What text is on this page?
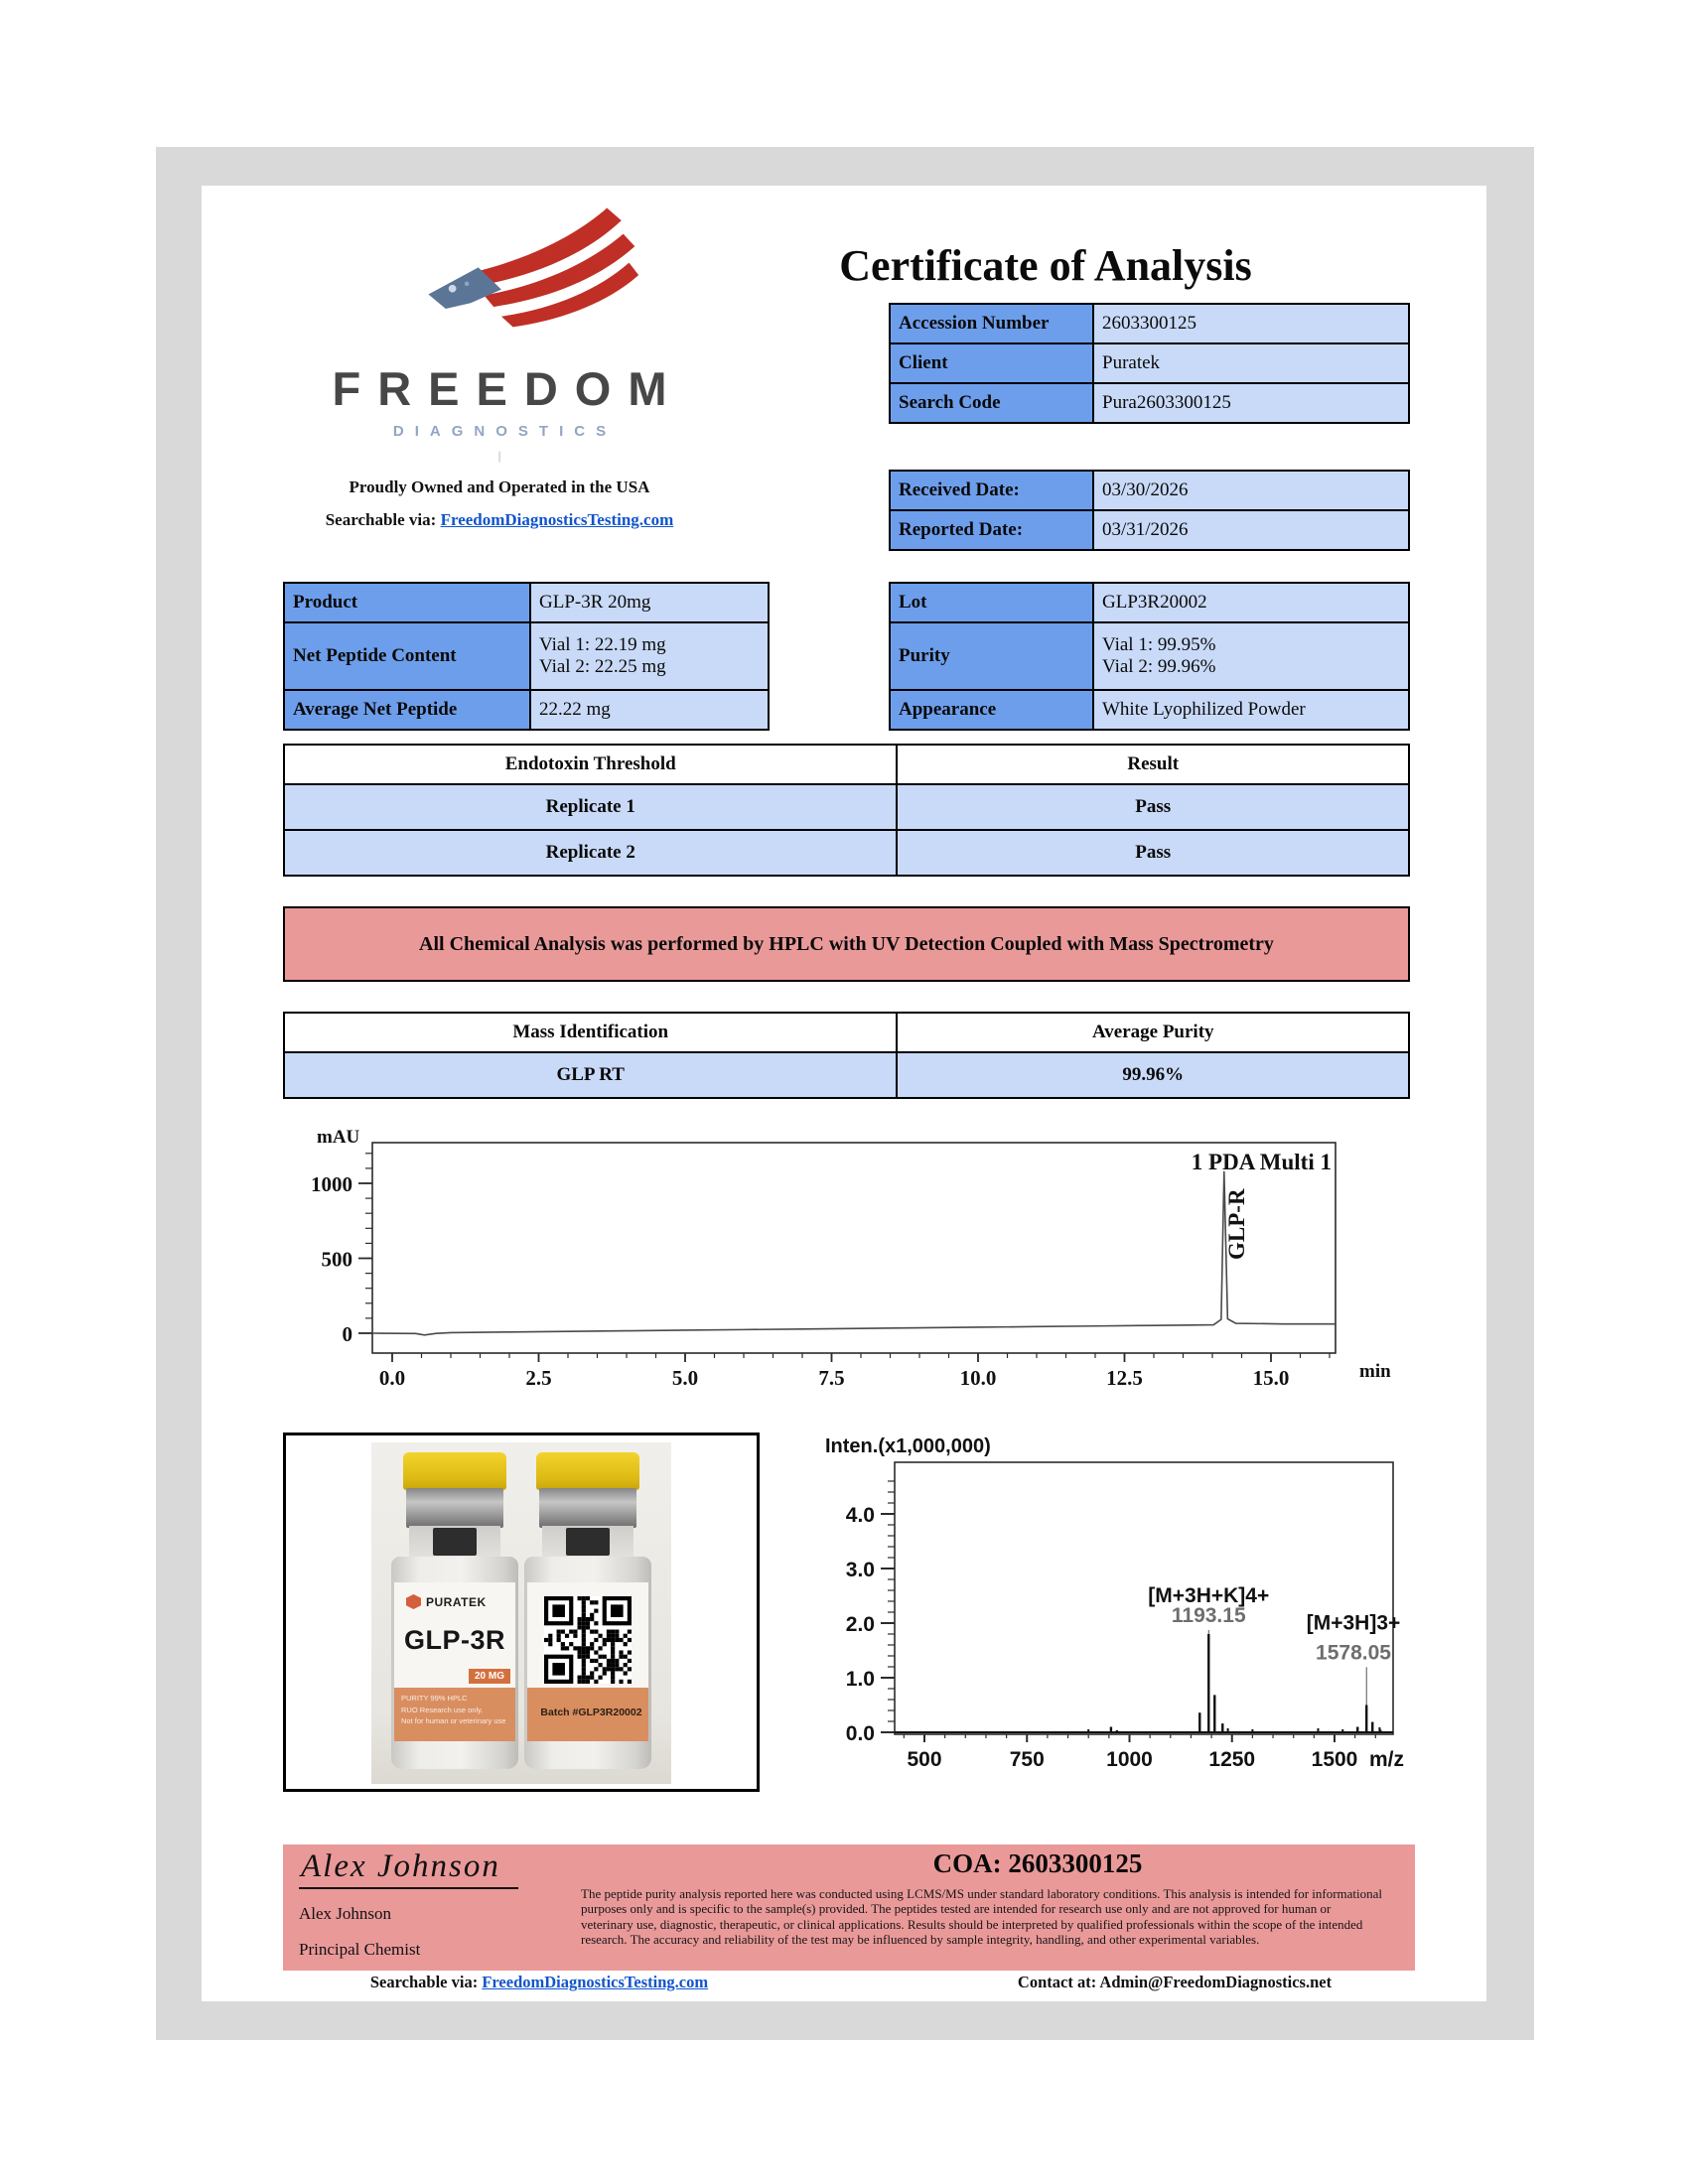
FREEDOM
DIAGNOSTICS
|
Proudly Owned and Operated in the USA
Searchable via: FreedomDiagnosticsTesting.com
Certificate of Analysis
Accession Number	2603300125
Client	Puratek
Search Code	Pura2603300125
Received Date:	03/30/2026
Reported Date:	03/31/2026
Product	GLP-3R 20mg
Net Peptide Content	Vial 1: 22.19 mg
Vial 2: 22.25 mg

Average Net Peptide	22.22 mg
Lot	GLP3R20002
Purity	Vial 1: 99.95%
Vial 2: 99.96%

Appearance	White Lyophilized Powder
Endotoxin Threshold	Result
Replicate 1	Pass
Replicate 2	Pass
All Chemical Analysis was performed by HPLC with UV Detection Coupled with Mass Spectrometry
Mass Identification	Average Purity
GLP RT	99.96%
0
500
1000
0.0	2.5	5.0	7.5	10.0	12.5	15.0
mAU
min
1 PDA Multi 1
GLP-R
PURATEK
GLP-3R
20 MG
PURITY 99% HPLC
RUO Research use only.
Not for human or veterinary use
Batch #GLP3R20002
0.0
1.0
2.0
3.0
4.0
500	750	1000	1250	1500
Inten.(x1,000,000)
m/z
[M+3H+K]4+
1193.15	[M+3H]3+
1578.05
Alex Johnson	COA: 2603300125
Alex Johnson
Principal Chemist
The peptide purity analysis reported here was conducted using LCMS/MS under standard laboratory conditions. This analysis is intended for informational purposes only and is specific to the sample(s) provided. The peptides tested are intended for research use only and are not approved for human or veterinary use, diagnostic, therapeutic, or clinical applications. Results should be interpreted by qualified professionals within the scope of the intended research. The accuracy and reliability of the test may be influenced by sample integrity, handling, and other experimental variables.
Searchable via: FreedomDiagnosticsTesting.com	Contact at: Admin@FreedomDiagnostics.net
